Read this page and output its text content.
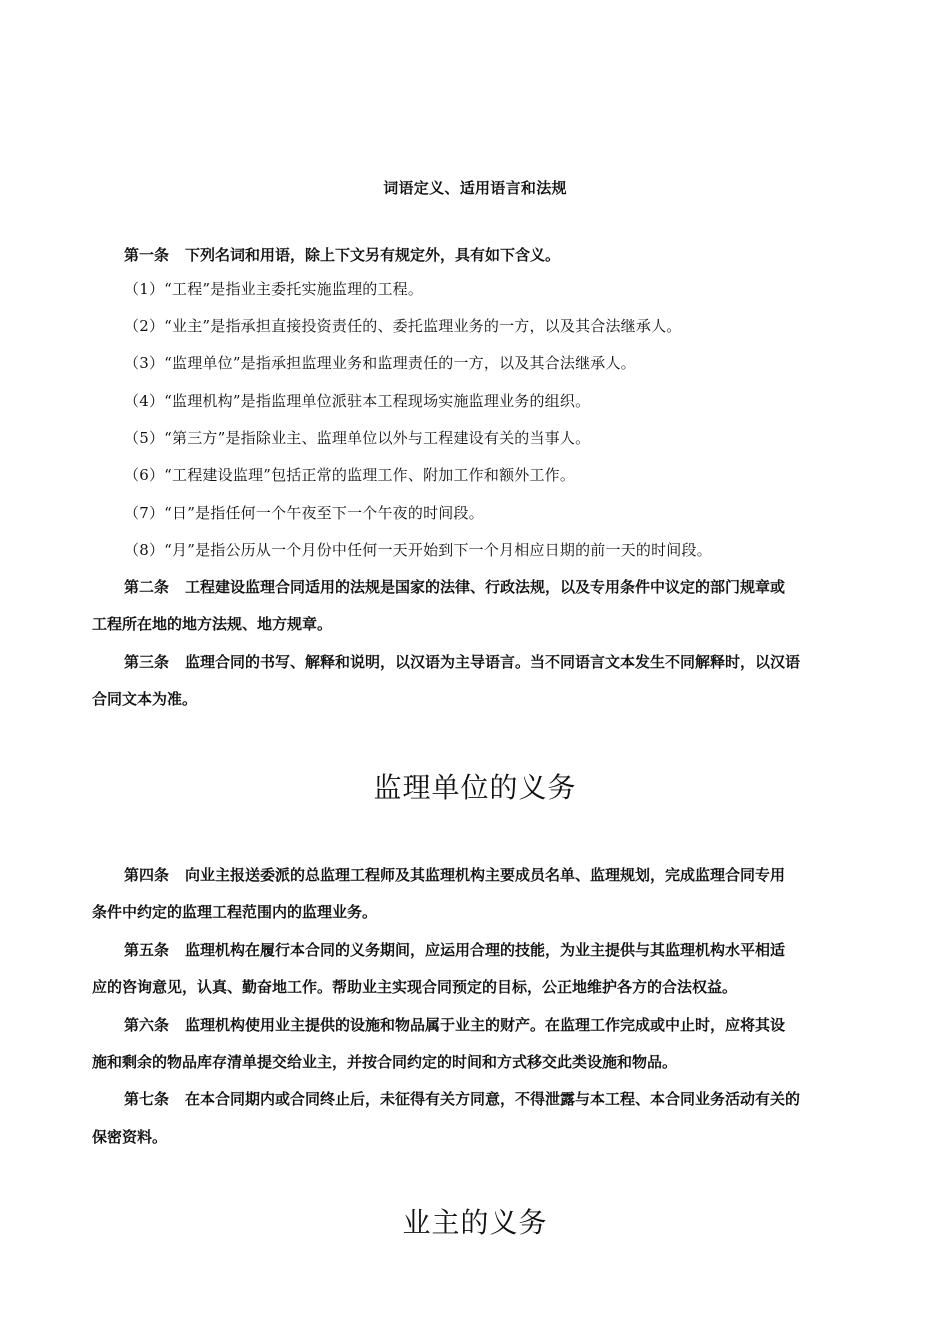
词语定义、适用语言和法规
第一条 下列名词和用语，除上下文另有规定外，具有如下含义。
（1）“工程”是指业主委托实施监理的工程。
（2）“业主”是指承担直接投资责任的、委托监理业务的一方，以及其合法继承人。
（3）“监理单位”是指承担监理业务和监理责任的一方，以及其合法继承人。
（4）“监理机构”是指监理单位派驻本工程现场实施监理业务的组织。
（5）“第三方”是指除业主、监理单位以外与工程建设有关的当事人。
（6）“工程建设监理”包括正常的监理工作、附加工作和额外工作。
（7）“日”是指任何一个午夜至下一个午夜的时间段。
（8）“月”是指公历从一个月份中任何一天开始到下一个月相应日期的前一天的时间段。
第二条 工程建设监理合同适用的法规是国家的法律、行政法规，以及专用条件中议定的部门规章或
工程所在地的地方法规、地方规章。
第三条 监理合同的书写、解释和说明，以汉语为主导语言。当不同语言文本发生不同解释时，以汉语
合同文本为准。
监理单位的义务
第四条 向业主报送委派的总监理工程师及其监理机构主要成员名单、监理规划，完成监理合同专用
条件中约定的监理工程范围内的监理业务。
第五条 监理机构在履行本合同的义务期间，应运用合理的技能，为业主提供与其监理机构水平相适
应的咨询意见，认真、勤奋地工作。帮助业主实现合同预定的目标，公正地维护各方的合法权益。
第六条 监理机构使用业主提供的设施和物品属于业主的财产。在监理工作完成或中止时，应将其设
施和剩余的物品库存清单提交给业主，并按合同约定的时间和方式移交此类设施和物品。
第七条 在本合同期内或合同终止后，未征得有关方同意，不得泄露与本工程、本合同业务活动有关的
保密资料。
业主的义务
